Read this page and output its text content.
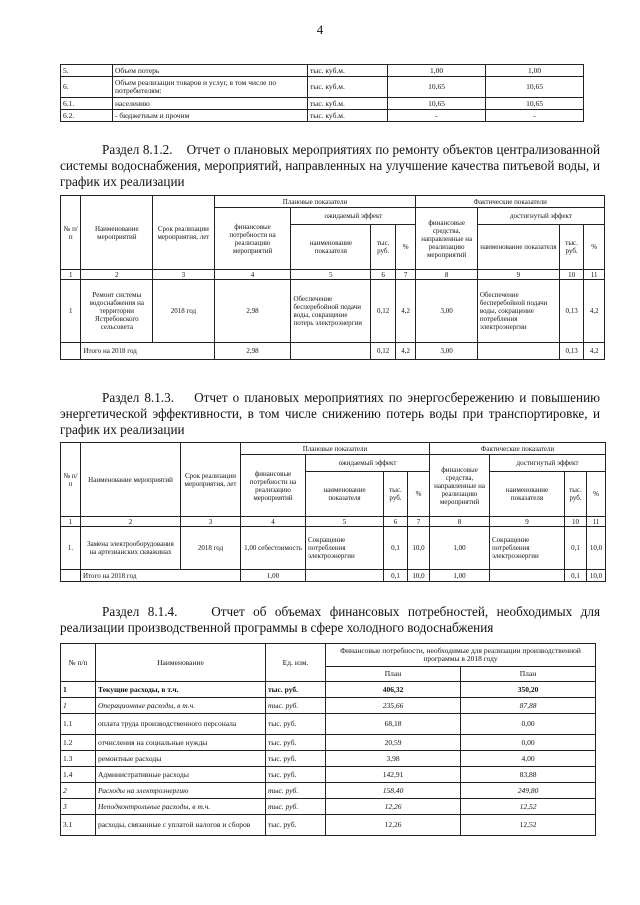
4
5.	Объем потерь	тыс. куб.м.	1,00	1,00
6.	Объем реализации товаров и услуг, в том числе по потребителям:	тыс. куб.м.	10,65	10,65
6.1.	населению	тыс. куб.м.	10,65	10,65
6.2.	- бюджетным и прочим	тыс. куб.м.	-	-
Раздел 8.1.2. Отчет о плановых мероприятиях по ремонту объектов централизованной системы водоснабжения, мероприятий, направленных на улучшение качества питьевой воды, и график их реализации
№ п/п	Наименование мероприятий	Срок реализации мероприятия, лет	Плановые показатели				Фактические показатели			
			финансовые потребности на реализацию мероприятий	ожидаемый эффект			финансовые средства, направленные на реализацию мероприятий	достигнутый эффект		
				наименование показателя	тыс. руб.	%		наименование показателя	тыс. руб.	%
1	2	3	4	5	6	7	8	9	10	11
1	Ремонт системы водоснабжения на территории Ястребовского сельсовета	2018 год	2,98	Обеспечение бесперебойной подачи воды, сокращение потерь электроэнергии	0,12	4,2	3,00	Обеспечение бесперебойной подачи воды, сокращение потребления электроэнергии	0,13	4,2
	Итого на 2018 год		2,98		0,12	4,2	3,00		0,13	4,2
Раздел 8.1.3. Отчет о плановых мероприятиях по энергосбережению и повышению энергетической эффективности, в том числе снижению потерь воды при транспортировке, и график их реализации
№ п/п	Наименование мероприятий	Срок реализации мероприятия, лет	Плановые показатели				Фактические показатели			
			финансовые потребности на реализацию мероприятий	ожидаемый эффект			финансовые средства, направленные на реализацию мероприятий	достигнутый эффект		
				наименование показателя	тыс. руб.	%		наименование показателя	тыс. руб.	%
1	2	3	4	5	6	7	8	9	10	11
1.	Замена электрооборудования на артезианских скважинах	2018 год	1,00 себестоимость	Сокращение потребления электроэнергии	0,1	10,0	1,00	Сокращение потребления электроэнергии	0,1	10,0
	Итого на 2018 год		1,00		0,1	10,0	1,00		0,1	10,0
Раздел 8.1.4.	Отчет об объемах финансовых потребностей, необходимых для реализации производственной программы в сфере холодного водоснабжения
№ п/п	Наименование	Ед. изм.	Финансовые потребности, необходимые для реализации производственной программы в 2018 году	
			План	План
1	Текущие расходы, в т.ч.	тыс. руб.	406,32	350,20
1	Операционные расходы, в т.ч.	тыс. руб.	235,66	87,88
1.1	оплата труда производственного персонала	тыс. руб.	68,18	0,00
1.2	отчисления на социальные нужды	тыс. руб.	20,59	0,00
1.3	ремонтные расходы	тыс. руб.	3,98	4,00
1.4	Административные расходы	тыс. руб.	142,91	83,88
2	Расходы на электроэнергию	тыс. руб.	158,40	249,80
3	Неподконтрольные расходы, в т.ч.	тыс. руб.	12,26	12,52
3.1	расходы, связанные с уплатой налогов и сборов	тыс. руб.	12,26	12,52
